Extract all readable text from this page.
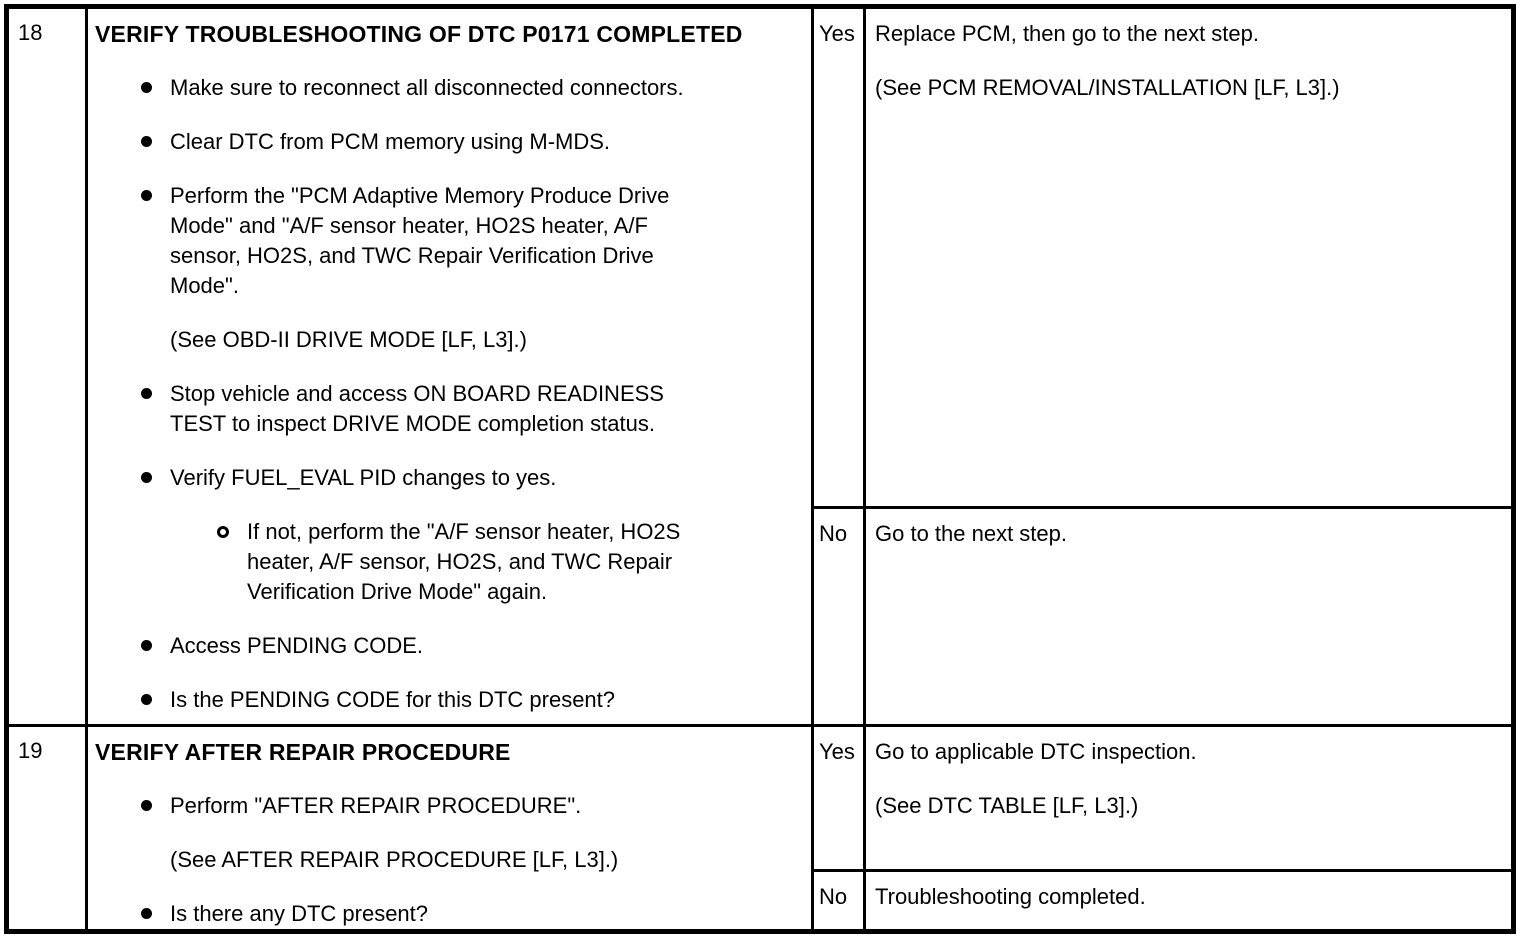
18	VERIFY TROUBLESHOOTING OF DTC P0171 COMPLETED
Make sure to reconnect all disconnected connectors.
Clear DTC from PCM memory using M-MDS.
Perform the "PCM Adaptive Memory Produce Drive Mode" and "A/F sensor heater, HO2S heater, A/F sensor, HO2S, and TWC Repair Verification Drive Mode".
(See OBD-II DRIVE MODE [LF, L3].)
Stop vehicle and access ON BOARD READINESS TEST to inspect DRIVE MODE completion status.
Verify FUEL_EVAL PID changes to yes.
If not, perform the "A/F sensor heater, HO2S heater, A/F sensor, HO2S, and TWC Repair Verification Drive Mode" again.
Access PENDING CODE.
Is the PENDING CODE for this DTC present?
Yes Replace PCM, then go to the next step.

(See PCM REMOVAL/INSTALLATION [LF, L3].)

No	Go to the next step.

19	VERIFY AFTER REPAIR PROCEDURE
Perform "AFTER REPAIR PROCEDURE".
(See AFTER REPAIR PROCEDURE [LF, L3].)
Is there any DTC present?
Yes Go to applicable DTC inspection.

(See DTC TABLE [LF, L3].)

No	Troubleshooting completed.
